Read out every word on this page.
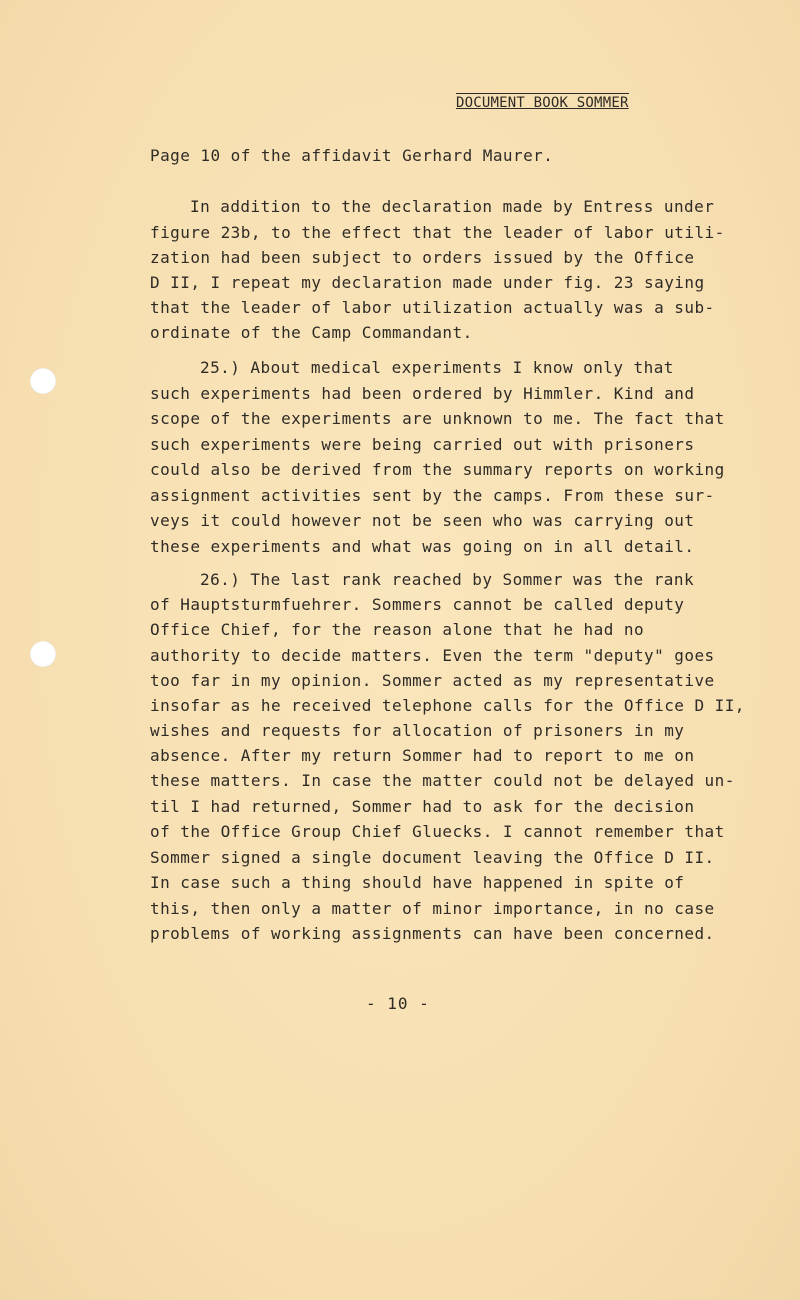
DOCUMENT BOOK SOMMER
Page 10 of the affidavit Gerhard Maurer.
In addition to the declaration made by Entress under
figure 23b, to the effect that the leader of labor utili-
zation had been subject to orders issued by the Office
D II, I repeat my declaration made under fig. 23 saying
that the leader of labor utilization actually was a sub-
ordinate of the Camp Commandant.
25.) About medical experiments I know only that
such experiments had been ordered by Himmler. Kind and
scope of the experiments are unknown to me. The fact that
such experiments were being carried out with prisoners
could also be derived from the summary reports on working
assignment activities sent by the camps. From these sur-
veys it could however not be seen who was carrying out
these experiments and what was going on in all detail.
26.) The last rank reached by Sommer was the rank
of Hauptsturmfuehrer. Sommers cannot be called deputy
Office Chief, for the reason alone that he had no
authority to decide matters. Even the term "deputy" goes
too far in my opinion. Sommer acted as my representative
insofar as he received telephone calls for the Office D II,
wishes and requests for allocation of prisoners in my
absence. After my return Sommer had to report to me on
these matters. In case the matter could not be delayed un-
til I had returned, Sommer had to ask for the decision
of the Office Group Chief Gluecks. I cannot remember that
Sommer signed a single document leaving the Office D II.
In case such a thing should have happened in spite of
this, then only a matter of minor importance, in no case
problems of working assignments can have been concerned.
- 10 -
